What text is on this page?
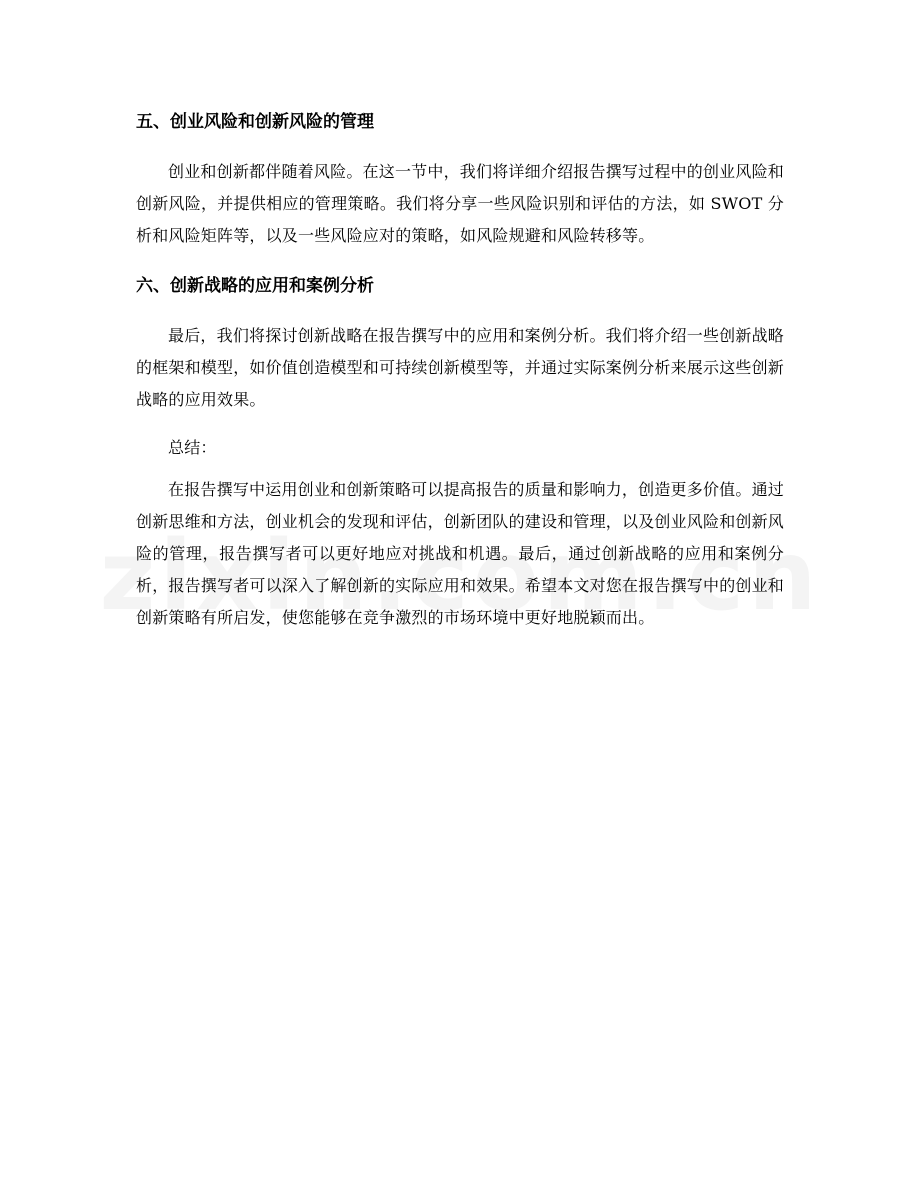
五、创业风险和创新风险的管理

创业和创新都伴随着风险。在这一节中，我们将详细介绍报告撰写过程中的创业风险和创新风险，并提供相应的管理策略。我们将分享一些风险识别和评估的方法，如 SWOT 分析和风险矩阵等，以及一些风险应对的策略，如风险规避和风险转移等。

六、创新战略的应用和案例分析

最后，我们将探讨创新战略在报告撰写中的应用和案例分析。我们将介绍一些创新战略的框架和模型，如价值创造模型和可持续创新模型等，并通过实际案例分析来展示这些创新战略的应用效果。

总结：

在报告撰写中运用创业和创新策略可以提高报告的质量和影响力，创造更多价值。通过创新思维和方法，创业机会的发现和评估，创新团队的建设和管理，以及创业风险和创新风险的管理，报告撰写者可以更好地应对挑战和机遇。最后，通过创新战略的应用和案例分析，报告撰写者可以深入了解创新的实际应用和效果。希望本文对您在报告撰写中的创业和创新策略有所启发，使您能够在竞争激烈的市场环境中更好地脱颖而出。
